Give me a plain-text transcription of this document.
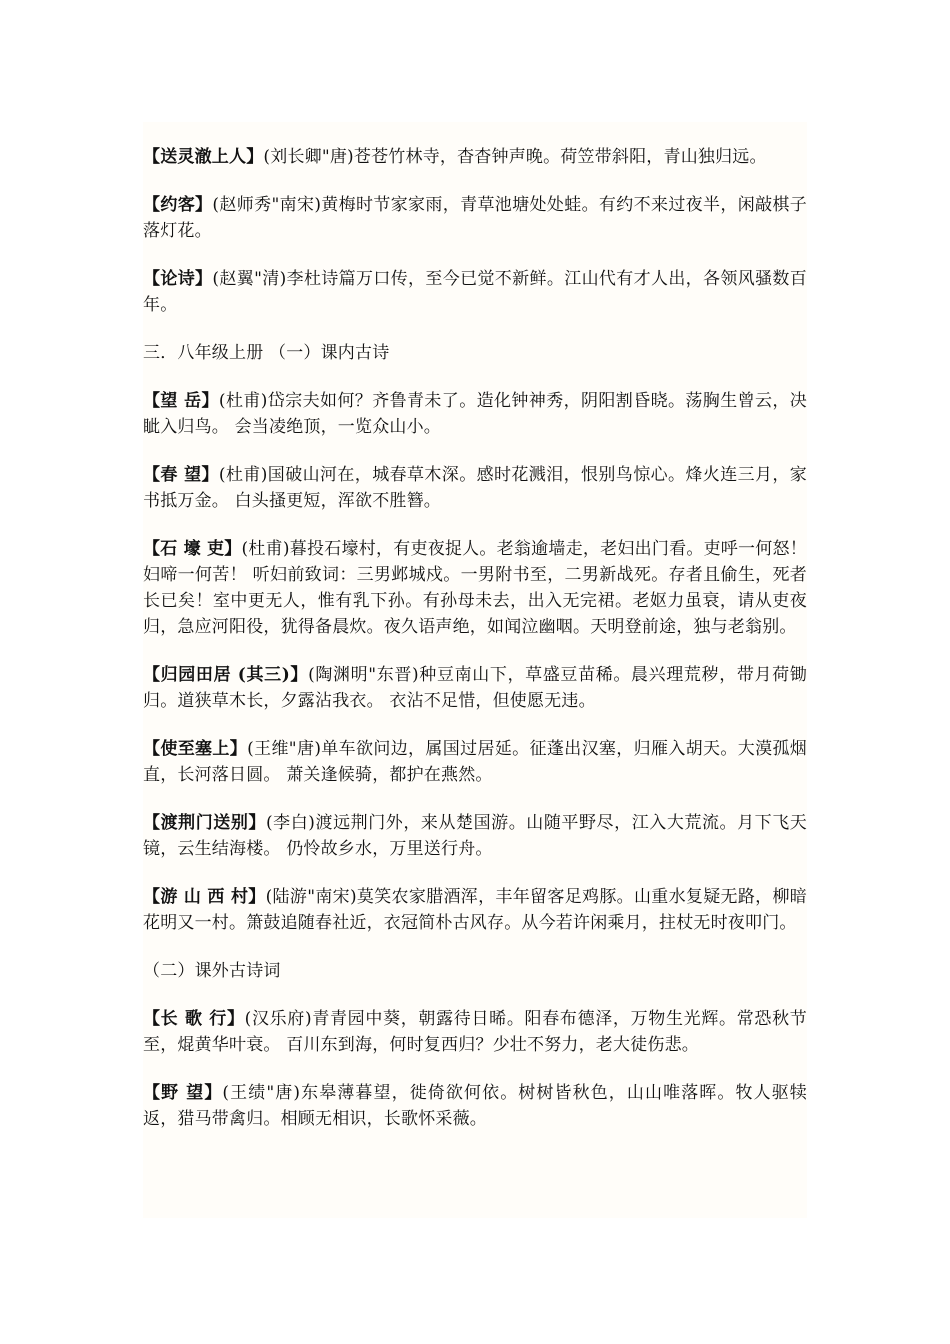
【送灵澈上人】(刘长卿"唐)苍苍竹林寺，杳杳钟声晚。荷笠带斜阳，青山独归远。

【约客】(赵师秀"南宋)黄梅时节家家雨，青草池塘处处蛙。有约不来过夜半，闲敲棋子落灯花。

【论诗】(赵翼"清)李杜诗篇万口传，至今已觉不新鲜。江山代有才人出，各领风骚数百年。

三．八年级上册 （一）课内古诗

【望 岳】(杜甫)岱宗夫如何？齐鲁青未了。造化钟神秀，阴阳割昏晓。荡胸生曾云，决眦入归鸟。 会当凌绝顶，一览众山小。

【春 望】(杜甫)国破山河在，城春草木深。感时花溅泪，恨别鸟惊心。烽火连三月，家书抵万金。 白头搔更短，浑欲不胜簪。

【石 壕 吏】(杜甫)暮投石壕村，有吏夜捉人。老翁逾墙走，老妇出门看。吏呼一何怒！妇啼一何苦！ 听妇前致词：三男邺城戍。一男附书至，二男新战死。存者且偷生，死者长已矣！室中更无人，惟有乳下孙。有孙母未去，出入无完裙。老妪力虽衰，请从吏夜归，急应河阳役，犹得备晨炊。夜久语声绝，如闻泣幽咽。天明登前途，独与老翁别。

【归园田居 (其三)】(陶渊明"东晋)种豆南山下，草盛豆苗稀。晨兴理荒秽，带月荷锄归。道狭草木长，夕露沾我衣。 衣沾不足惜，但使愿无违。

【使至塞上】(王维"唐)单车欲问边，属国过居延。征蓬出汉塞，归雁入胡天。大漠孤烟直，长河落日圆。 萧关逢候骑，都护在燕然。

【渡荆门送别】(李白)渡远荆门外，来从楚国游。山随平野尽，江入大荒流。月下飞天镜，云生结海楼。 仍怜故乡水，万里送行舟。

【游 山 西 村】(陆游"南宋)莫笑农家腊酒浑，丰年留客足鸡豚。山重水复疑无路，柳暗花明又一村。箫鼓追随春社近，衣冠简朴古风存。从今若许闲乘月，拄杖无时夜叩门。

（二）课外古诗词

【长 歌 行】(汉乐府)青青园中葵，朝露待日晞。阳春布德泽，万物生光辉。常恐秋节至，焜黄华叶衰。 百川东到海，何时复西归？少壮不努力，老大徒伤悲。

【野 望】(王绩"唐)东皋薄暮望，徙倚欲何依。树树皆秋色，山山唯落晖。牧人驱犊返，猎马带禽归。相顾无相识，长歌怀采薇。
